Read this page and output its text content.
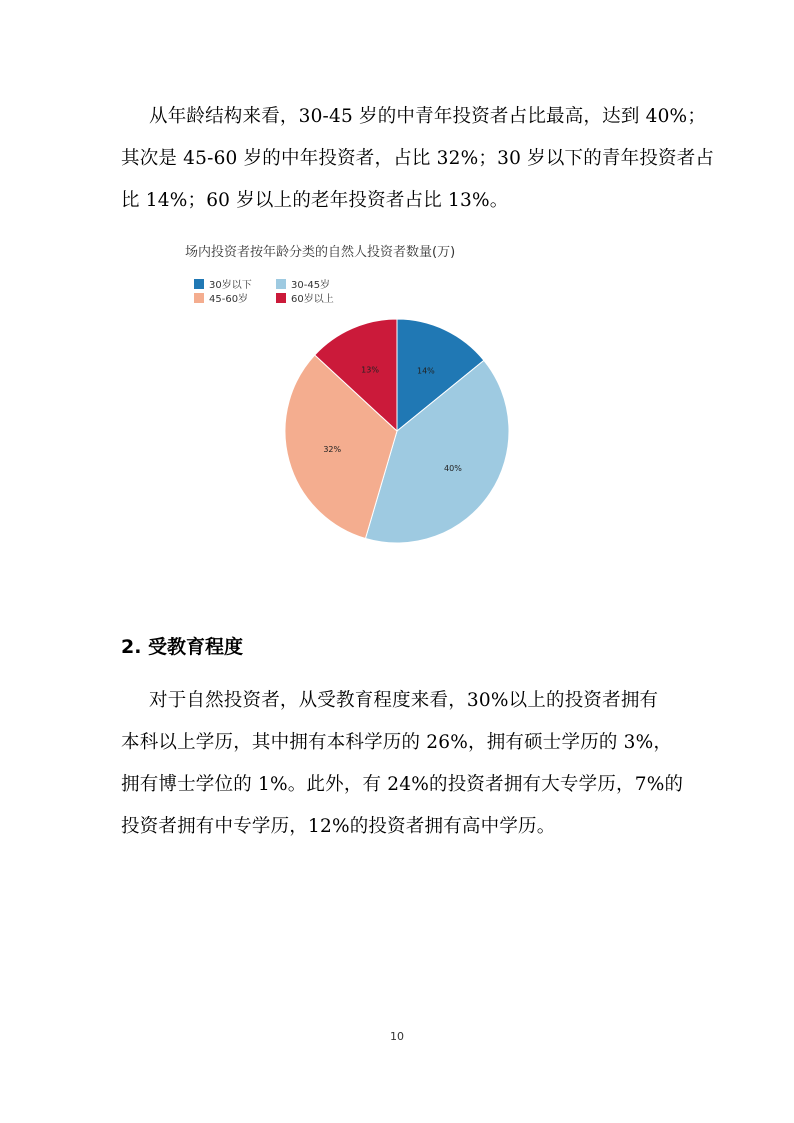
从年龄结构来看，30-45 岁的中青年投资者占比最高，达到 40%；
其次是 45-60 岁的中年投资者，占比 32%；30 岁以下的青年投资者占
比 14%；60 岁以上的老年投资者占比 13%。
场内投资者按年龄分类的自然人投资者数量(万)
30岁以下	30-45岁
45-60岁	60岁以上
14%
40%
32%
13%
2. 受教育程度
对于自然投资者，从受教育程度来看，30%以上的投资者拥有
本科以上学历，其中拥有本科学历的 26%，拥有硕士学历的 3%，
拥有博士学位的 1%。此外，有 24%的投资者拥有大专学历，7%的
投资者拥有中专学历，12%的投资者拥有高中学历。
10
